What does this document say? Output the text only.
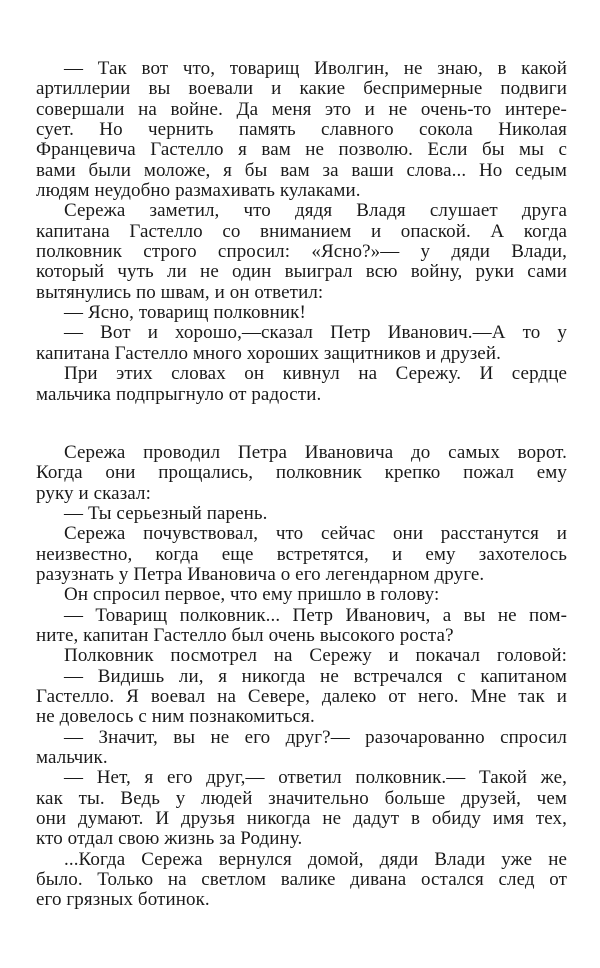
— Так вот что, товарищ Иволгин, не знаю, в какой
артиллерии вы воевали и какие беспримерные подвиги
совершали на войне. Да меня это и не очень-то интере-
сует. Но чернить память славного сокола Николая
Францевича Гастелло я вам не позволю. Если бы мы с
вами были моложе, я бы вам за ваши слова... Но седым
людям неудобно размахивать кулаками.
Сережа заметил, что дядя Владя слушает друга
капитана Гастелло со вниманием и опаской. А когда
полковник строго спросил: «Ясно?»— у дяди Влади,
который чуть ли не один выиграл всю войну, руки сами
вытянулись по швам, и он ответил:
— Ясно, товарищ полковник!
— Вот и хорошо,—сказал Петр Иванович.—А то у
капитана Гастелло много хороших защитников и друзей.
При этих словах он кивнул на Сережу. И сердце
мальчика подпрыгнуло от радости.
Сережа проводил Петра Ивановича до самых ворот.
Когда они прощались, полковник крепко пожал ему
руку и сказал:
— Ты серьезный парень.
Сережа почувствовал, что сейчас они расстанутся и
неизвестно, когда еще встретятся, и ему захотелось
разузнать у Петра Ивановича о его легендарном друге.
Он спросил первое, что ему пришло в голову:
— Товарищ полковник... Петр Иванович, а вы не пом-
ните, капитан Гастелло был очень высокого роста?
Полковник посмотрел на Сережу и покачал головой:
— Видишь ли, я никогда не встречался с капитаном
Гастелло. Я воевал на Севере, далеко от него. Мне так и
не довелось с ним познакомиться.
— Значит, вы не его друг?— разочарованно спросил
мальчик.
— Нет, я его друг,— ответил полковник.— Такой же,
как ты. Ведь у людей значительно больше друзей, чем
они думают. И друзья никогда не дадут в обиду имя тех,
кто отдал свою жизнь за Родину.
...Когда Сережа вернулся домой, дяди Влади уже не
было. Только на светлом валике дивана остался след от
его грязных ботинок.
